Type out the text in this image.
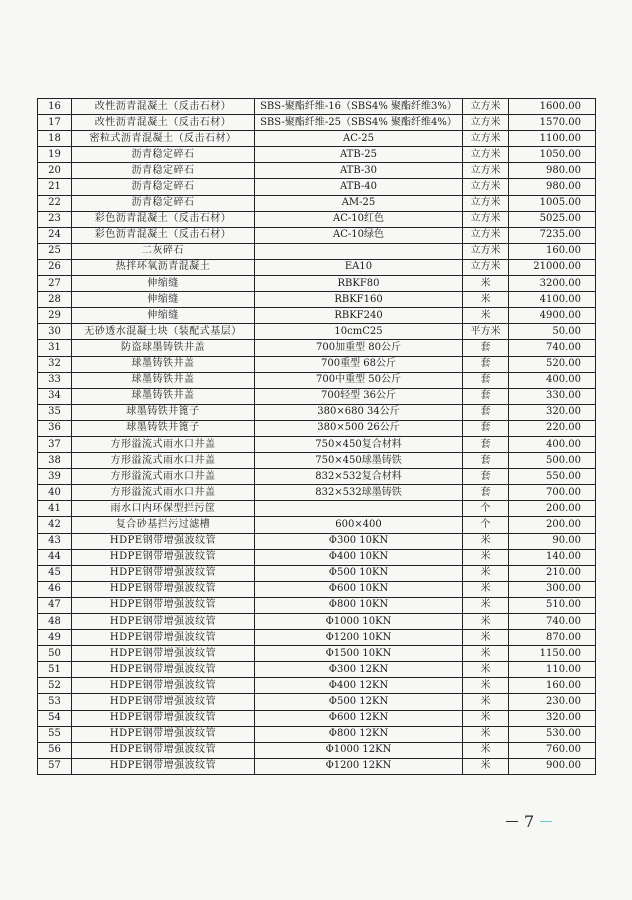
16	改性沥青混凝土（反击石材）	SBS-聚酯纤维-16（SBS4% 聚酯纤维3%）	立方米	1600.00
17	改性沥青混凝土（反击石材）	SBS-聚酯纤维-25（SBS4% 聚酯纤维4%）	立方米	1570.00
18	密粒式沥青混凝土（反击石材）	AC-25	立方米	1100.00
19	沥青稳定碎石	ATB-25	立方米	1050.00
20	沥青稳定碎石	ATB-30	立方米	980.00
21	沥青稳定碎石	ATB-40	立方米	980.00
22	沥青稳定碎石	AM-25	立方米	1005.00
23	彩色沥青混凝土（反击石材）	AC-10红色	立方米	5025.00
24	彩色沥青混凝土（反击石材）	AC-10绿色	立方米	7235.00
25	二灰碎石		立方米	160.00
26	热拌环氧沥青混凝土	EA10	立方米	21000.00
27	伸缩缝	RBKF80	米	3200.00
28	伸缩缝	RBKF160	米	4100.00
29	伸缩缝	RBKF240	米	4900.00
30	无砂透水混凝土块（装配式基层）	10cmC25	平方米	50.00
31	防盗球墨铸铁井盖	700加重型 80公斤	套	740.00
32	球墨铸铁井盖	700重型 68公斤	套	520.00
33	球墨铸铁井盖	700中重型 50公斤	套	400.00
34	球墨铸铁井盖	700轻型 36公斤	套	330.00
35	球墨铸铁井篦子	380×680 34公斤	套	320.00
36	球墨铸铁井篦子	380×500 26公斤	套	220.00
37	方形溢流式雨水口井盖	750×450复合材料	套	400.00
38	方形溢流式雨水口井盖	750×450球墨铸铁	套	500.00
39	方形溢流式雨水口井盖	832×532复合材料	套	550.00
40	方形溢流式雨水口井盖	832×532球墨铸铁	套	700.00
41	雨水口内环保型拦污筐		个	200.00
42	复合砂基拦污过滤槽	600×400	个	200.00
43	HDPE钢带增强波纹管	Φ300 10KN	米	90.00
44	HDPE钢带增强波纹管	Φ400 10KN	米	140.00
45	HDPE钢带增强波纹管	Φ500 10KN	米	210.00
46	HDPE钢带增强波纹管	Φ600 10KN	米	300.00
47	HDPE钢带增强波纹管	Φ800 10KN	米	510.00
48	HDPE钢带增强波纹管	Φ1000 10KN	米	740.00
49	HDPE钢带增强波纹管	Φ1200 10KN	米	870.00
50	HDPE钢带增强波纹管	Φ1500 10KN	米	1150.00
51	HDPE钢带增强波纹管	Φ300 12KN	米	110.00
52	HDPE钢带增强波纹管	Φ400 12KN	米	160.00
53	HDPE钢带增强波纹管	Φ500 12KN	米	230.00
54	HDPE钢带增强波纹管	Φ600 12KN	米	320.00
55	HDPE钢带增强波纹管	Φ800 12KN	米	530.00
56	HDPE钢带增强波纹管	Φ1000 12KN	米	760.00
57	HDPE钢带增强波纹管	Φ1200 12KN	米	900.00
7
